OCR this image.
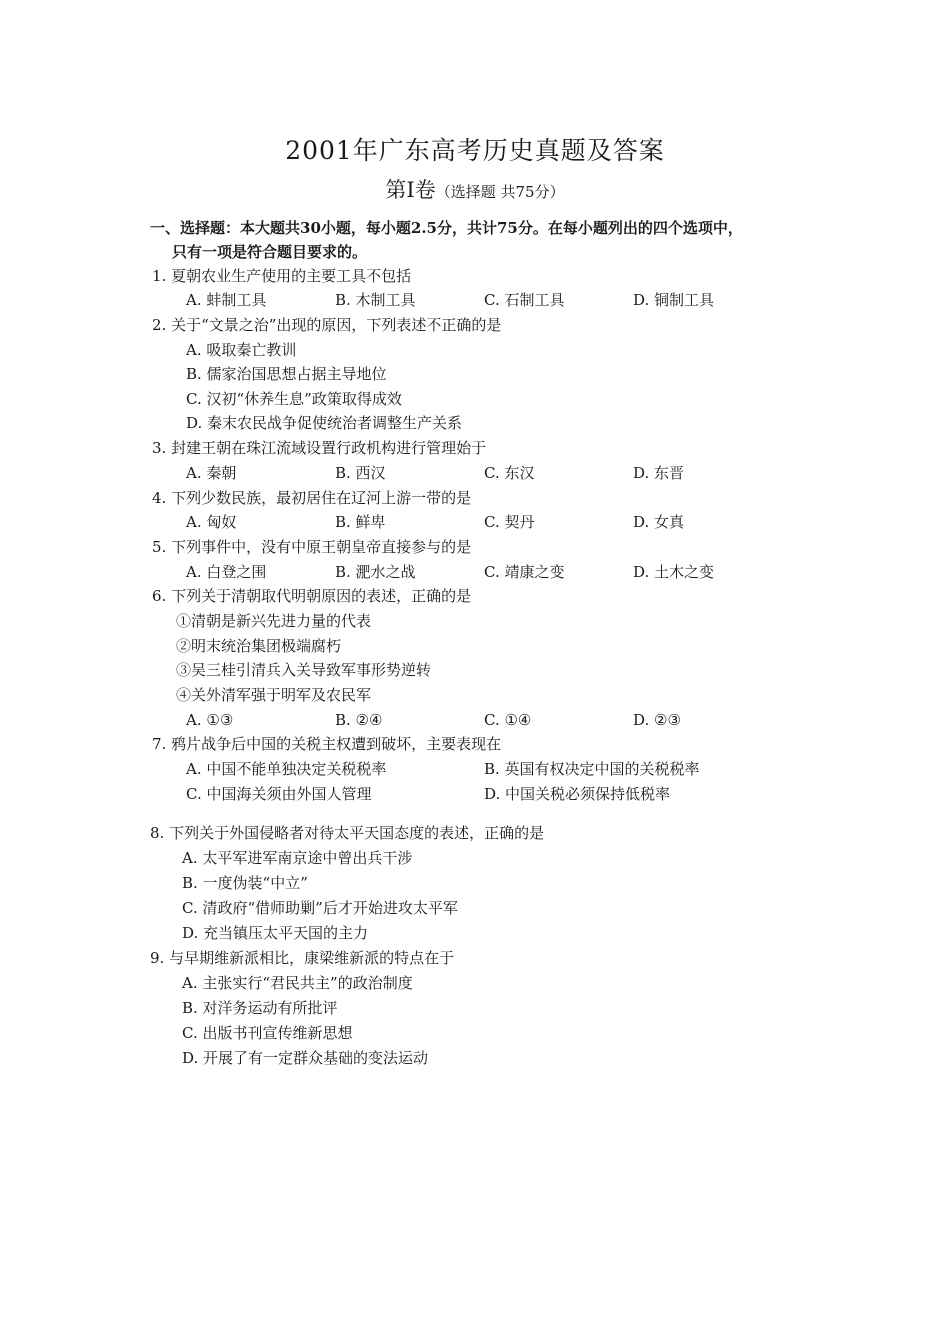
2001年广东高考历史真题及答案
第Ⅰ卷（选择题 共75分）
一、选择题：本大题共30小题，每小题2.5分，共计75分。在每小题列出的四个选项中，
只有一项是符合题目要求的。
1. 夏朝农业生产使用的主要工具不包括
A. 蚌制工具	B. 木制工具	C. 石制工具	D. 铜制工具
2. 关于“文景之治”出现的原因，下列表述不正确的是
A. 吸取秦亡教训
B. 儒家治国思想占据主导地位
C. 汉初“休养生息”政策取得成效
D. 秦末农民战争促使统治者调整生产关系
3. 封建王朝在珠江流域设置行政机构进行管理始于
A. 秦朝	B. 西汉	C. 东汉	D. 东晋
4. 下列少数民族，最初居住在辽河上游一带的是
A. 匈奴	B. 鲜卑	C. 契丹	D. 女真
5. 下列事件中，没有中原王朝皇帝直接参与的是
A. 白登之围	B. 淝水之战	C. 靖康之变	D. 土木之变
6. 下列关于清朝取代明朝原因的表述，正确的是
①清朝是新兴先进力量的代表
②明末统治集团极端腐朽
③吴三桂引清兵入关导致军事形势逆转
④关外清军强于明军及农民军
A. ①③	B. ②④	C. ①④	D. ②③
7. 鸦片战争后中国的关税主权遭到破坏，主要表现在
A. 中国不能单独决定关税税率	B. 英国有权决定中国的关税税率
C. 中国海关须由外国人管理	D. 中国关税必须保持低税率
8. 下列关于外国侵略者对待太平天国态度的表述，正确的是
A. 太平军进军南京途中曾出兵干涉
B. 一度伪装“中立”
C. 清政府“借师助剿”后才开始进攻太平军
D. 充当镇压太平天国的主力
9. 与早期维新派相比，康梁维新派的特点在于
A. 主张实行“君民共主”的政治制度
B. 对洋务运动有所批评
C. 出版书刊宣传维新思想
D. 开展了有一定群众基础的变法运动
